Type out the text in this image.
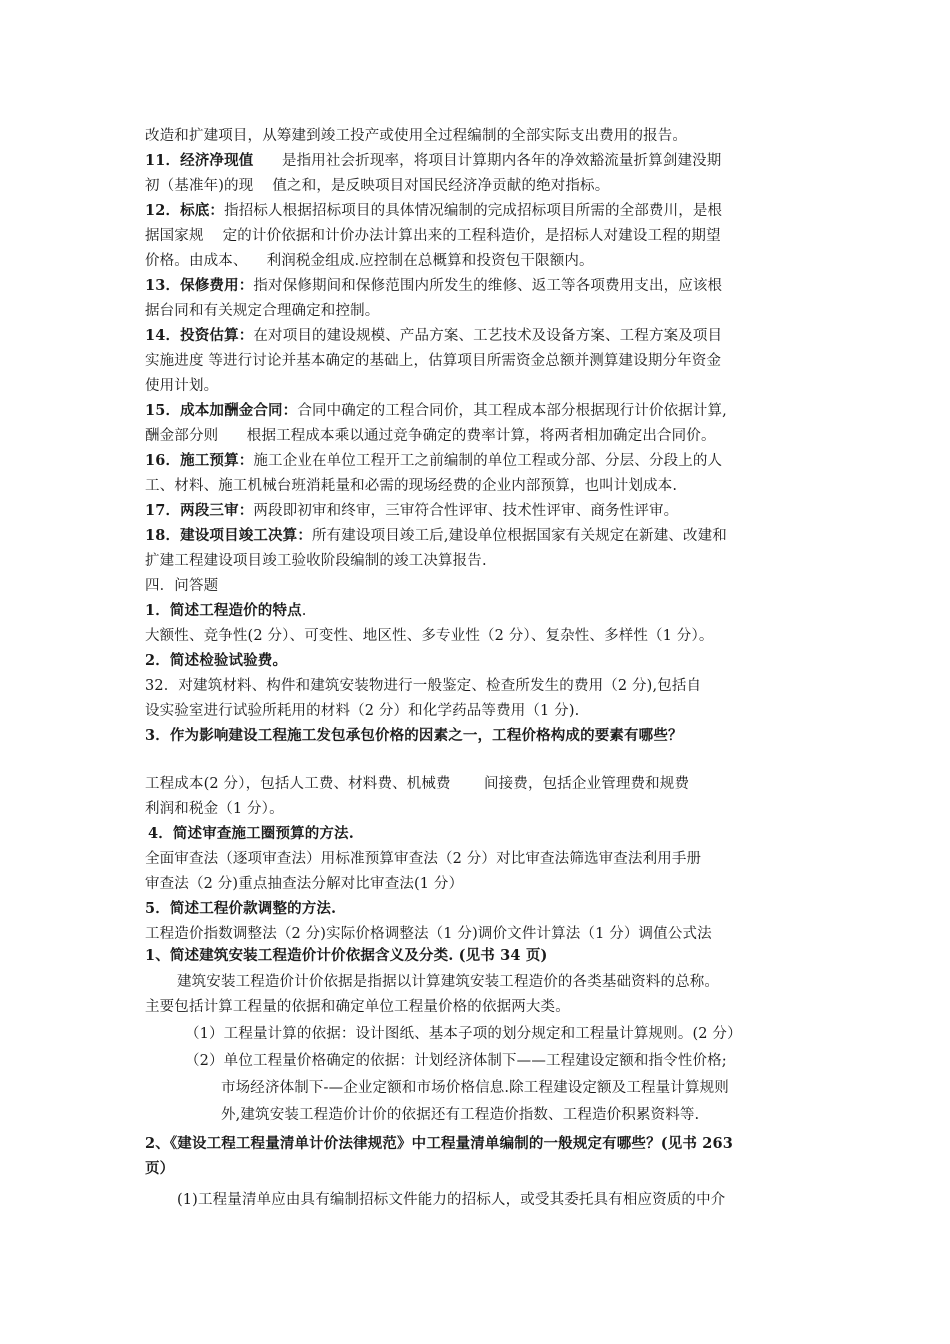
改造和扩建项目，从筹建到竣工投产或使用全过程编制的全部实际支出费用的报告。
11．经济净现值      是指用社会折现率，将项目计算期内各年的净效豁流量折算剑建没期
初（基准年)的现    值之和，是反映项目对国民经济净贡献的绝对指标。
12．标底：指招标人根据招标项目的具体情况编制的完成招标项目所需的全部费川，是根
据国家规    定的计价依据和计价办法计算出来的工程科造价，是招标人对建设工程的期望
价格。由成本、    利润税金组成.应控制在总概算和投资包干限额内。
13．保修费用：指对保修期间和保修范围内所发生的维修、返工等各项费用支出，应该根
据台同和有关规定合理确定和控制。
14．投资估算：在对项目的建设规模、产品方案、工艺技术及设备方案、工程方案及项目
实施进度 等进行讨论并基本确定的基础上，估算项目所需资金总额并测算建设期分年资金
使用计划。
15．成本加酬金合同：合同中确定的工程合同价，其工程成本部分根据现行计价依据计算,
酬金部分则      根据工程成本乘以通过竞争确定的费率计算，将两者相加确定出合同价。
16．施工预算：施工企业在单位工程开工之前编制的单位工程或分部、分层、分段上的人
工、材料、施工机械台班消耗量和必需的现场经费的企业内部预算，也叫计划成本.
17．两段三审：两段即初审和终审，三审符合性评审、技术性评审、商务性评审。
18．建设项目竣工决算：所有建设项目竣工后,建设单位根据国家有关规定在新建、改建和
扩建工程建设项目竣工验收阶段编制的竣工决算报告.
四．问答题
1．简述工程造价的特点.
大额性、竞争性(2 分）、可变性、地区性、多专业性（2 分）、复杂性、多样性（1 分）。
2．简述检验试验费。
32．对建筑材料、构件和建筑安装物进行一般鉴定、检查所发生的费用（2 分),包括自
设实验室进行试验所耗用的材料（2 分）和化学药品等费用（1 分).
3．作为影响建设工程施工发包承包价格的因素之一，工程价格构成的要素有哪些？
工程成本(2 分），包括人工费、材料费、机械费       间接费，包括企业管理费和规费
利润和税金（1 分）。
4．简述审查施工圈预算的方法.
全面审查法（逐项审查法）用标准预算审查法（2 分）对比审查法筛选审查法利用手册
审查法（2 分)重点抽查法分解对比审查法(1 分）
5．简述工程价款调整的方法.
工程造价指数调整法（2 分)实际价格调整法（1 分)调价文件计算法（1 分）调值公式法
1、简述建筑安装工程造价计价依据含义及分类. (见书 34 页)
建筑安装工程造价计价依据是指据以计算建筑安装工程造价的各类基础资料的总称。
主要包括计算工程量的依据和确定单位工程量价格的依据两大类。
（1）工程量计算的依据：设计图纸、基本子项的划分规定和工程量计算规则。(2 分）
（2）单位工程量价格确定的依据：计划经济体制下——工程建设定额和指令性价格;
市场经济体制下-—企业定额和市场价格信息.除工程建设定额及工程量计算规则
外,建筑安装工程造价计价的依据还有工程造价指数、工程造价积累资料等.
2、《建设工程工程量清单计价法律规范》中工程量清单编制的一般规定有哪些？(见书 263
页）
(1)工程量清单应由具有编制招标文件能力的招标人，或受其委托具有相应资质的中介
